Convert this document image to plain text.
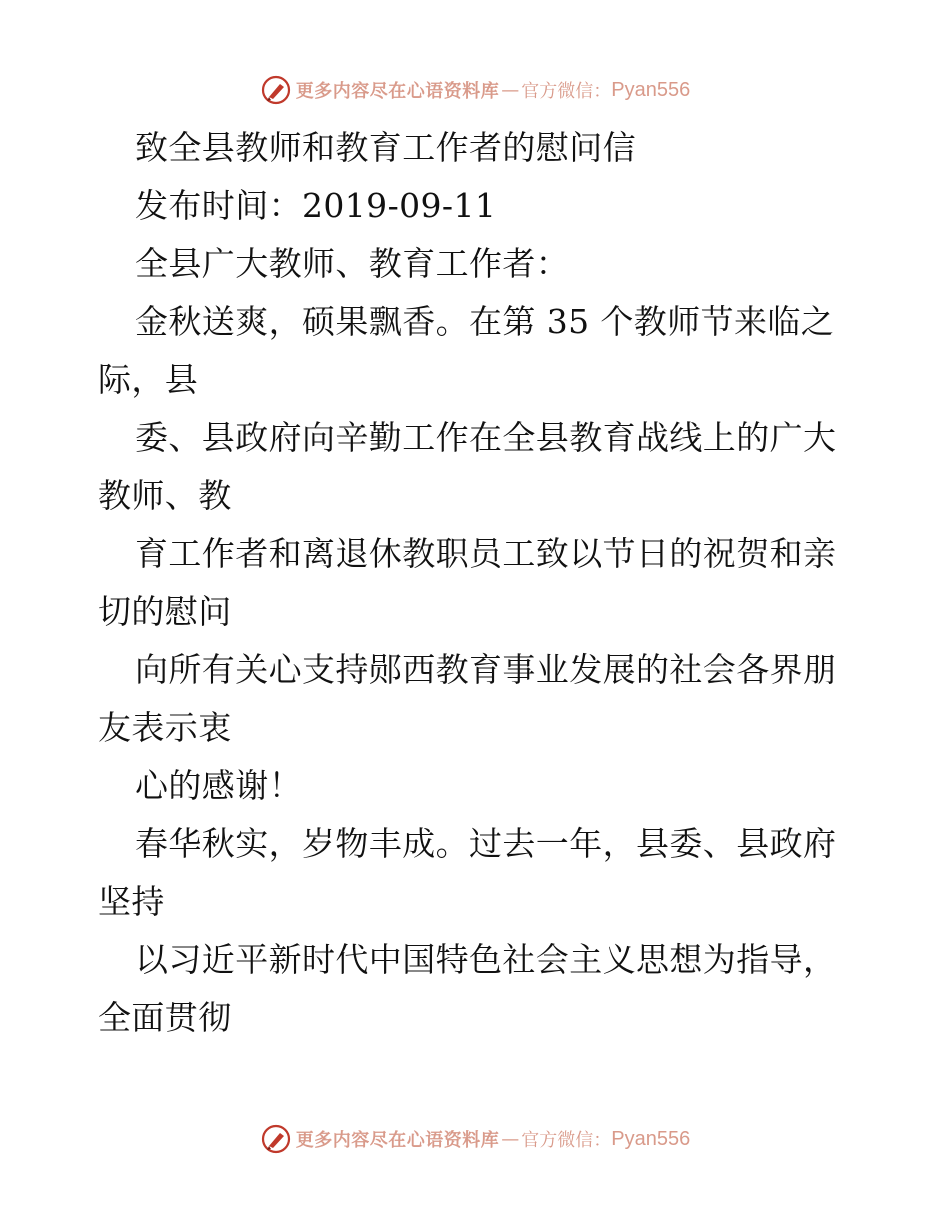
更多内容尽在心语资料库 — 官方微信： Pyan556
致全县教师和教育工作者的慰问信
发布时间：2019-09-11
全县广大教师、教育工作者：
金秋送爽，硕果飘香。在第 35 个教师节来临之
际，县
委、县政府向辛勤工作在全县教育战线上的广大
教师、教
育工作者和离退休教职员工致以节日的祝贺和亲
切的慰问
向所有关心支持郧西教育事业发展的社会各界朋
友表示衷
心的感谢！
春华秋实，岁物丰成。过去一年，县委、县政府
坚持
以习近平新时代中国特色社会主义思想为指导，
全面贯彻
更多内容尽在心语资料库 — 官方微信： Pyan556
